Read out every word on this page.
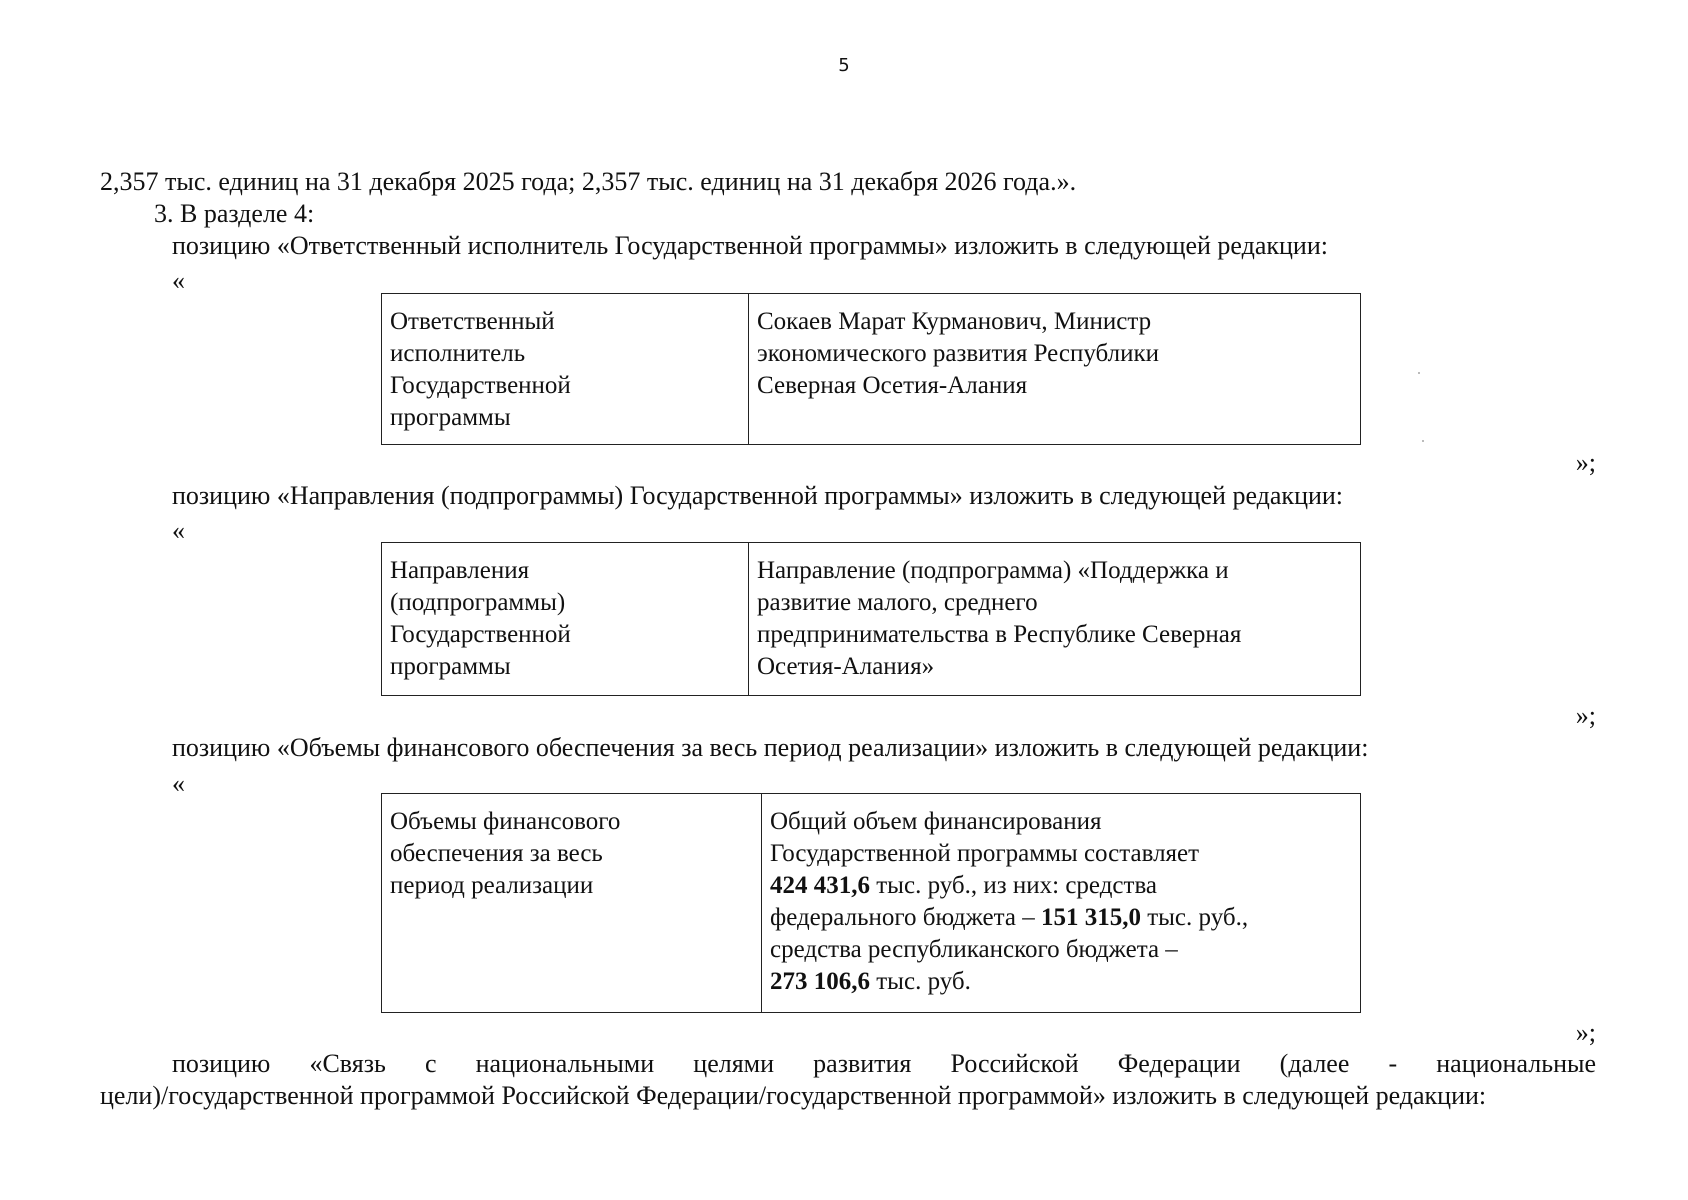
5
2,357 тыс. единиц на 31 декабря 2025 года; 2,357 тыс. единиц на 31 декабря 2026 года.».
3. В разделе 4:
позицию «Ответственный исполнитель Государственной программы» изложить в следующей редакции:
«
Ответственный
исполнитель
Государственной
программы

Сокаев Марат Курманович, Министр
экономического развития Республики
Северная Осетия-Алания
»;
позицию «Направления (подпрограммы) Государственной программы» изложить в следующей редакции:
«
Направления
(подпрограммы)
Государственной
программы

Направление (подпрограмма) «Поддержка и
развитие малого, среднего
предпринимательства в Республике Северная
Осетия-Алания»
»;
позицию «Объемы финансового обеспечения за весь период реализации» изложить в следующей редакции:
«
Объемы финансового
обеспечения за весь
период реализации

Общий объем финансирования
Государственной программы составляет
424 431,6 тыс. руб., из них: средства
федерального бюджета – 151 315,0 тыс. руб.,
средства республиканского бюджета –
273 106,6 тыс. руб.
»;
позицию «Связь с национальными целями развития Российской Федерации (далее - национальные
цели)/государственной программой Российской Федерации/государственной программой» изложить в следующей редакции:
